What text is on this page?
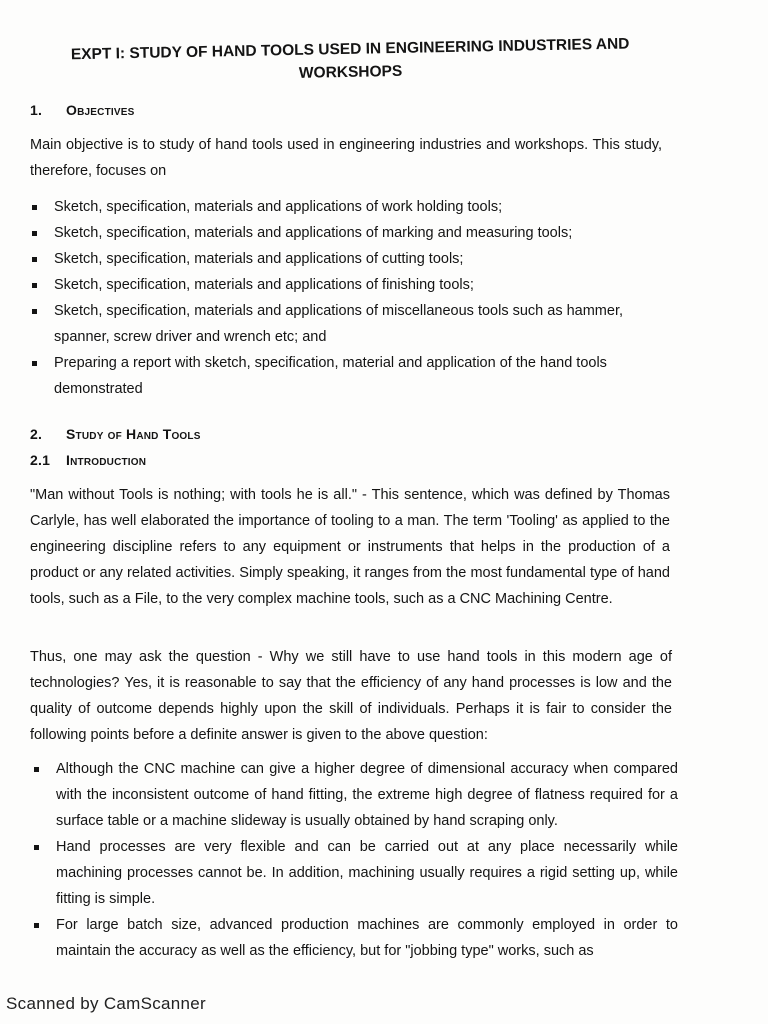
EXPT I: STUDY OF HAND TOOLS USED IN ENGINEERING INDUSTRIES AND
WORKSHOPS
1. Objectives
Main objective is to study of hand tools used in engineering industries and workshops. This study, therefore, focuses on
Sketch, specification, materials and applications of work holding tools;
Sketch, specification, materials and applications of marking and measuring tools;
Sketch, specification, materials and applications of cutting tools;
Sketch, specification, materials and applications of finishing tools;
Sketch, specification, materials and applications of miscellaneous tools such as hammer, spanner, screw driver and wrench etc; and
Preparing a report with sketch, specification, material and application of the hand tools demonstrated
2. Study of Hand Tools
2.1 Introduction
"Man without Tools is nothing; with tools he is all." - This sentence, which was defined by Thomas Carlyle, has well elaborated the importance of tooling to a man. The term 'Tooling' as applied to the engineering discipline refers to any equipment or instruments that helps in the production of a product or any related activities. Simply speaking, it ranges from the most fundamental type of hand tools, such as a File, to the very complex machine tools, such as a CNC Machining Centre.
Thus, one may ask the question - Why we still have to use hand tools in this modern age of technologies? Yes, it is reasonable to say that the efficiency of any hand processes is low and the quality of outcome depends highly upon the skill of individuals. Perhaps it is fair to consider the following points before a definite answer is given to the above question:
Although the CNC machine can give a higher degree of dimensional accuracy when compared with the inconsistent outcome of hand fitting, the extreme high degree of flatness required for a surface table or a machine slideway is usually obtained by hand scraping only.
Hand processes are very flexible and can be carried out at any place necessarily while machining processes cannot be. In addition, machining usually requires a rigid setting up, while fitting is simple.
For large batch size, advanced production machines are commonly employed in order to maintain the accuracy as well as the efficiency, but for "jobbing type" works, such as
Scanned by CamScanner
